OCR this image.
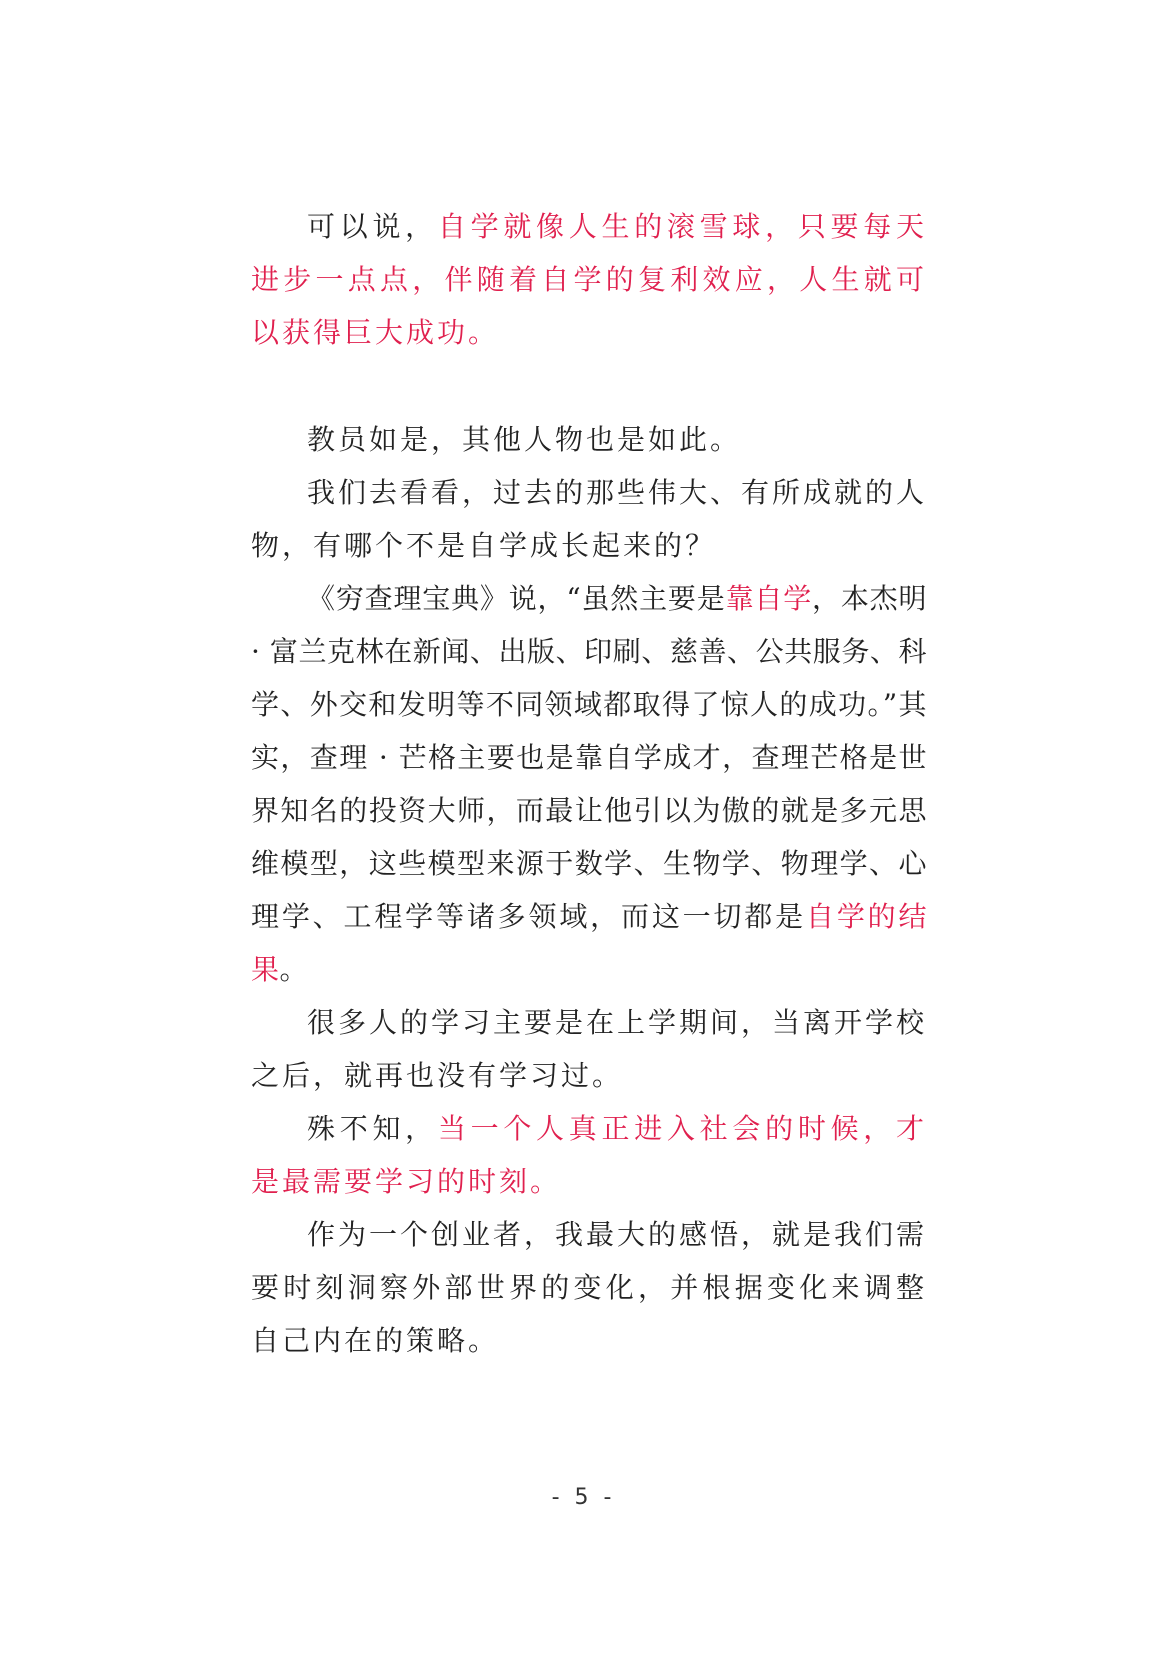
可以说，自学就像人生的滚雪球，只要每天进步一点点，伴随着自学的复利效应，人生就可以获得巨大成功。

教员如是，其他人物也是如此。

我们去看看，过去的那些伟大、有所成就的人物，有哪个不是自学成长起来的？

《穷查理宝典》说，“虽然主要是靠自学，本杰明 · 富兰克林在新闻、出版、印刷、慈善、公共服务、科学、外交和发明等不同领域都取得了惊人的成功。”其实，查理 · 芒格主要也是靠自学成才，查理芒格是世界知名的投资大师，而最让他引以为傲的就是多元思维模型，这些模型来源于数学、生物学、物理学、心理学、工程学等诸多领域，而这一切都是自学的结果。

很多人的学习主要是在上学期间，当离开学校之后，就再也没有学习过。

殊不知，当一个人真正进入社会的时候，才是最需要学习的时刻。

作为一个创业者，我最大的感悟，就是我们需要时刻洞察外部世界的变化，并根据变化来调整自己内在的策略。

- 5 -
